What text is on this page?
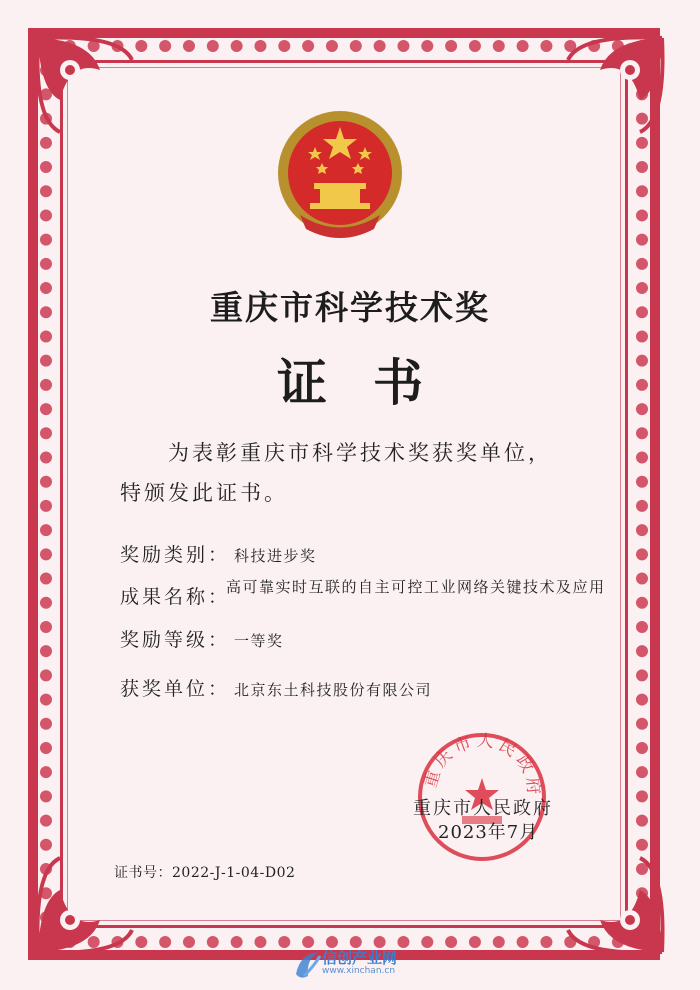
重庆市科学技术奖
证书
为表彰重庆市科学技术奖获奖单位，
特颁发此证书。
奖励类别： 科技进步奖
成果名称：
高可靠实时互联的自主可控工业网络关键技术及应用
奖励等级： 一等奖
获奖单位： 北京东土科技股份有限公司
重庆市人民政府
重庆市人民政府
2023年7月
证书号：2022-J-1-04-D02
信创产业网
www.xinchan.cn
